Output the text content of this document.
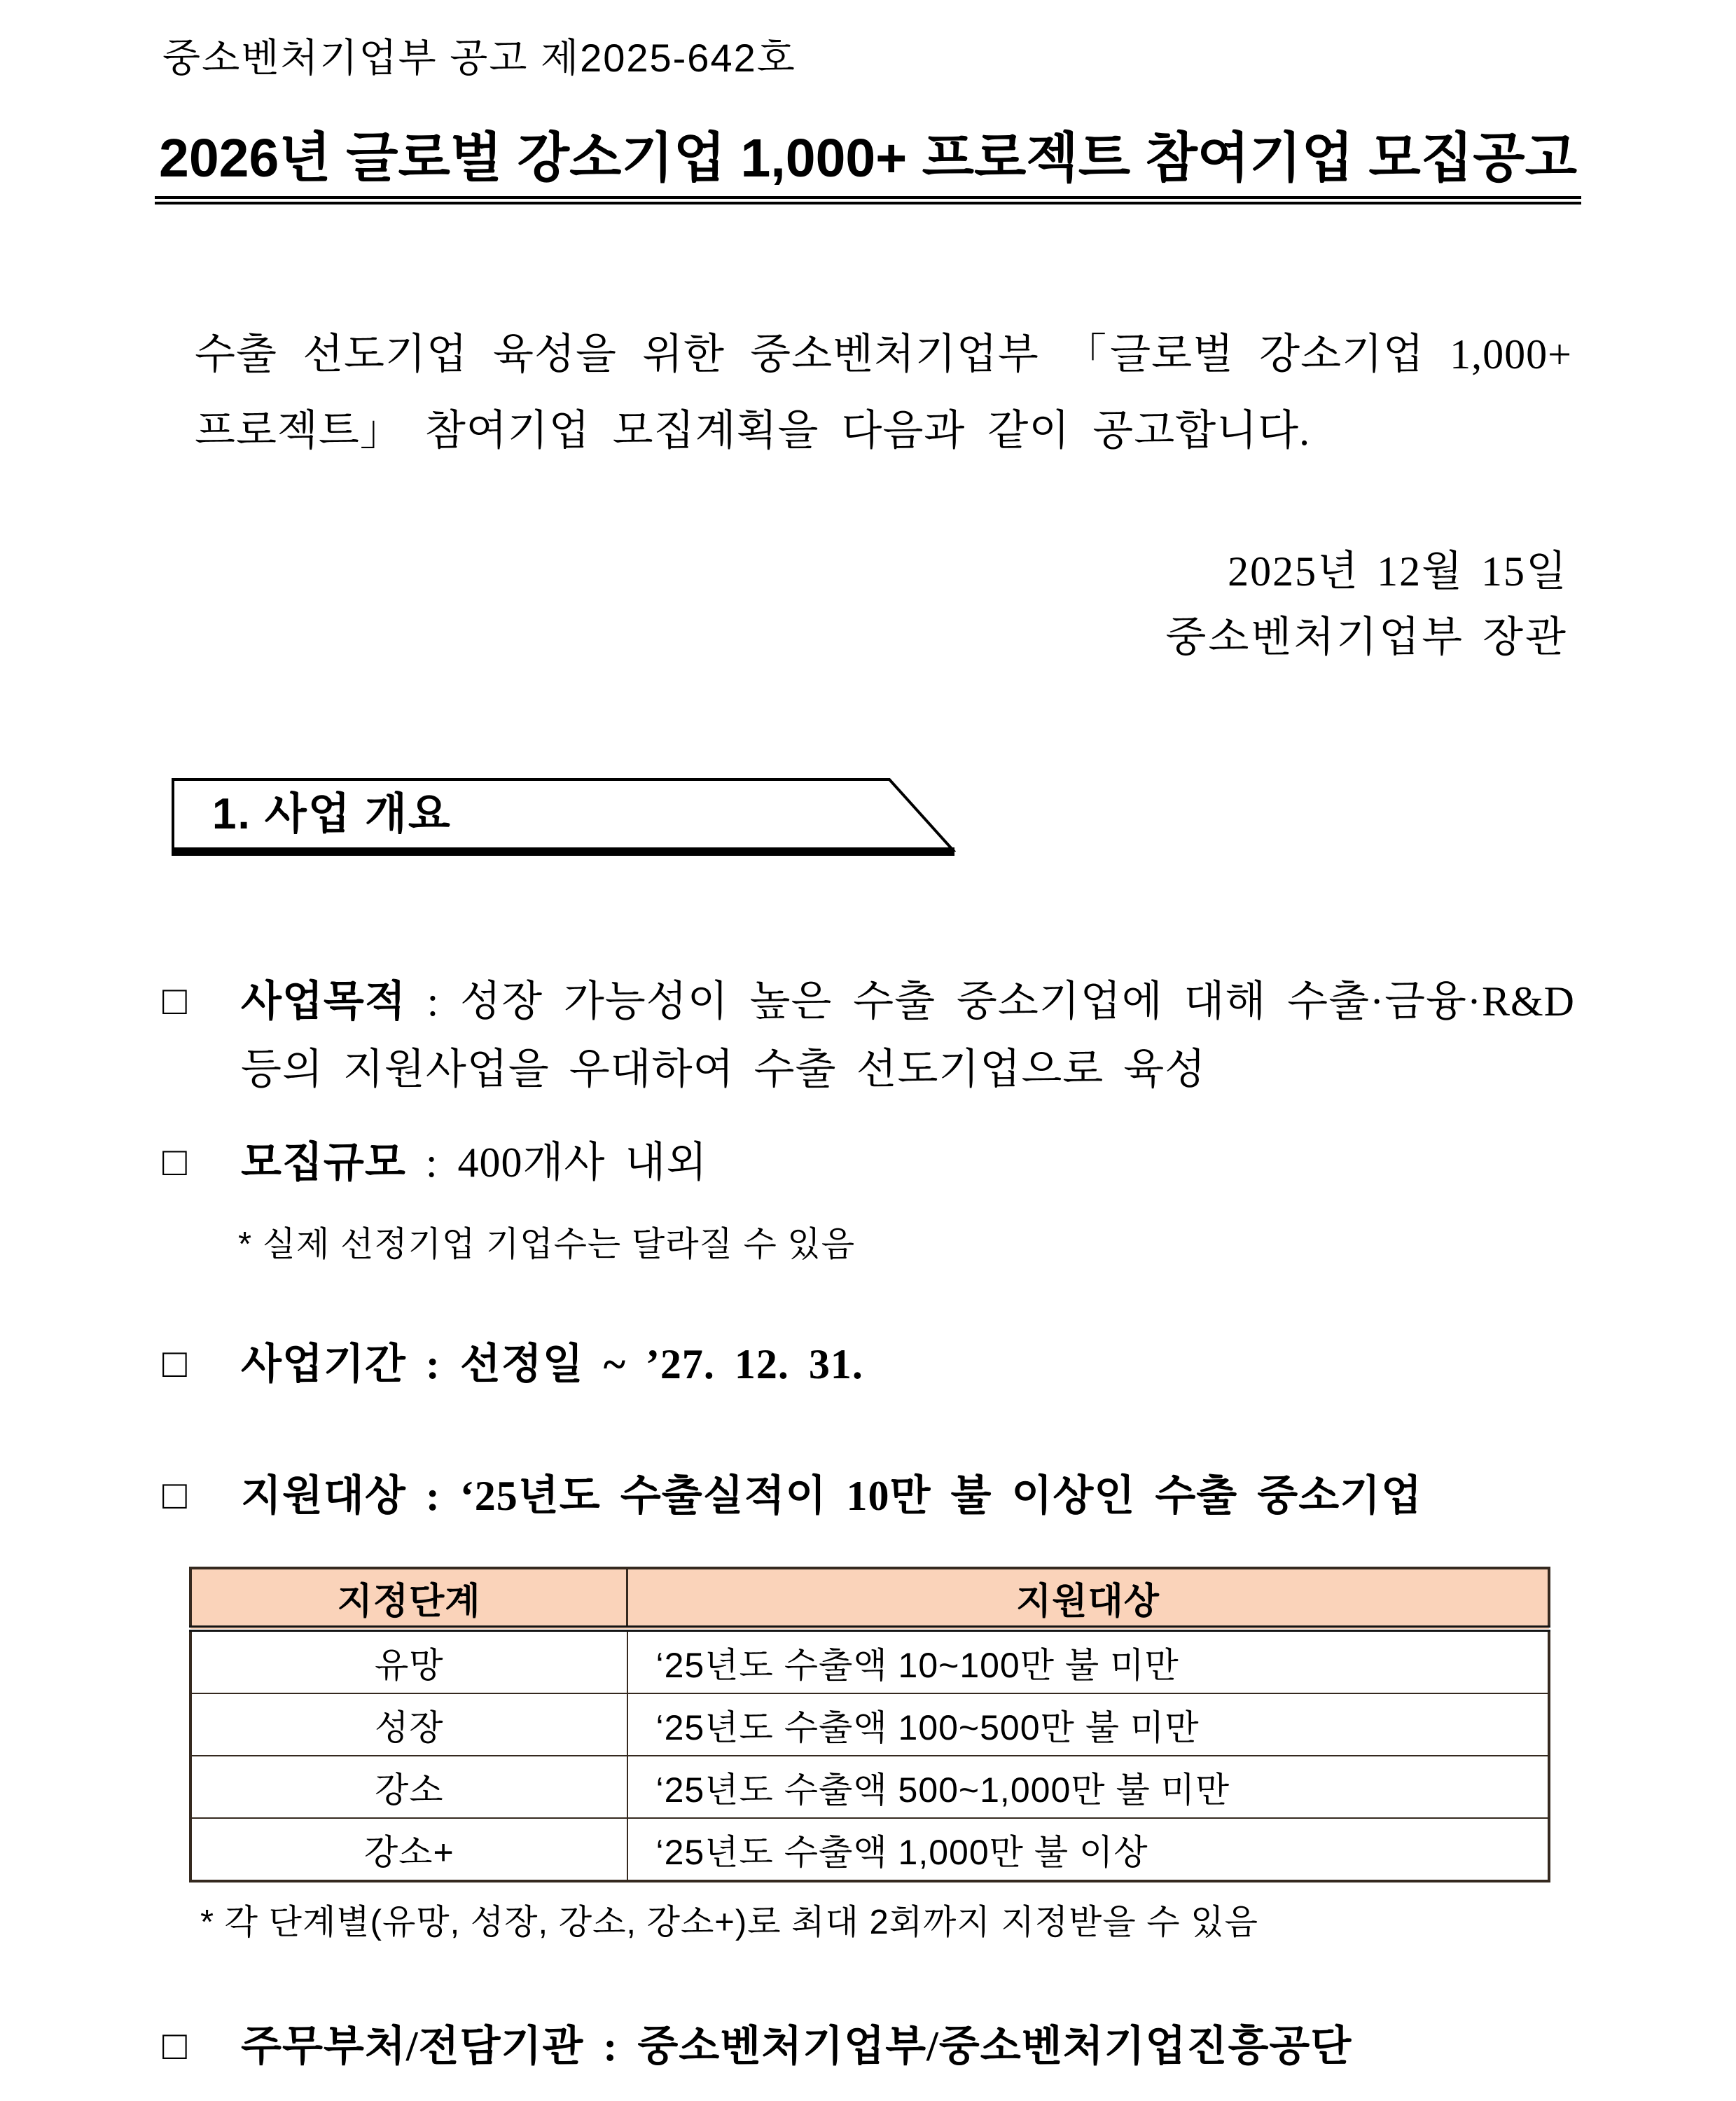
중소벤처기업부 공고 제2025-642호
2026년 글로벌 강소기업 1,000+ 프로젝트 참여기업 모집공고
수출 선도기업 육성을 위한 중소벤처기업부 「글로벌 강소기업 1,000+ 프로젝트」 참여기업 모집계획을 다음과 같이 공고합니다.
2025년 12월 15일
중소벤처기업부 장관
1. 사업 개요
□	사업목적 : 성장 가능성이 높은 수출 중소기업에 대해 수출·금융·R&D 등의 지원사업을 우대하여 수출 선도기업으로 육성
□	모집규모 : 400개사 내외
* 실제 선정기업 기업수는 달라질 수 있음
□	사업기간 : 선정일 ~ ’27. 12. 31.
□	지원대상 : ‘25년도 수출실적이 10만 불 이상인 수출 중소기업
지정단계	지원대상
유망	‘25년도 수출액 10~100만 불 미만
성장	‘25년도 수출액 100~500만 불 미만
강소	‘25년도 수출액 500~1,000만 불 미만
강소+	‘25년도 수출액 1,000만 불 이상
* 각 단계별(유망, 성장, 강소, 강소+)로 최대 2회까지 지정받을 수 있음
□	주무부처/전담기관 : 중소벤처기업부/중소벤처기업진흥공단
